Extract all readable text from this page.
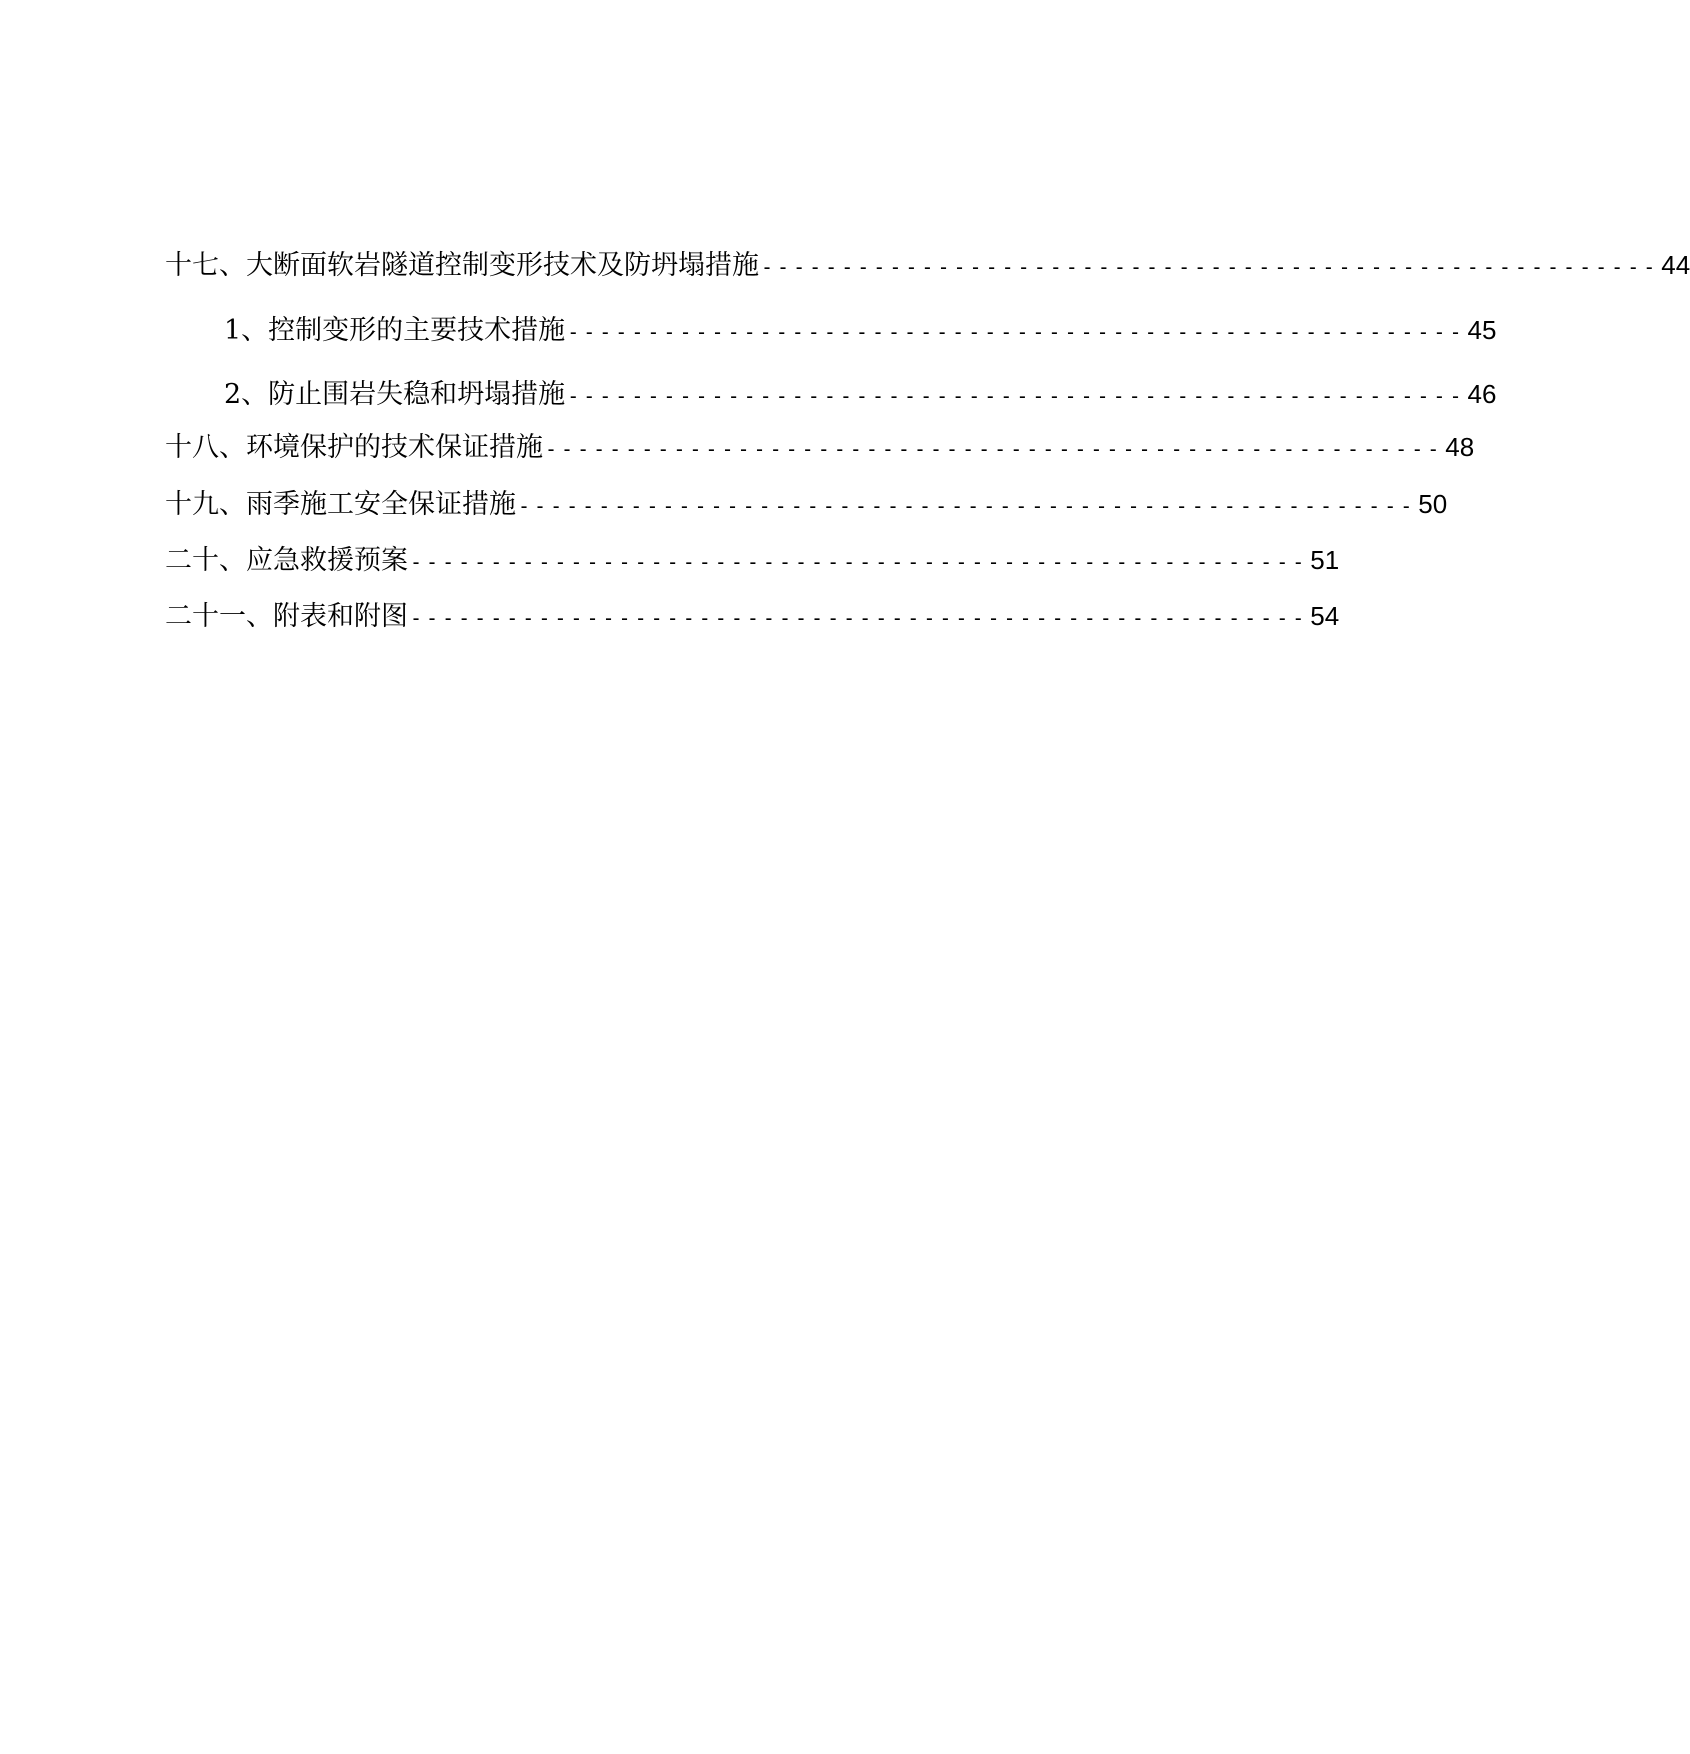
十七、大断面软岩隧道控制变形技术及防坍塌措施 -------------------------------------------------------- 44
1、控制变形的主要技术措施 -------------------------------------------------------- 45
2、防止围岩失稳和坍塌措施 -------------------------------------------------------- 46
十八、环境保护的技术保证措施 -------------------------------------------------------- 48
十九、雨季施工安全保证措施 -------------------------------------------------------- 50
二十、应急救援预案 -------------------------------------------------------- 51
二十一、附表和附图 -------------------------------------------------------- 54
